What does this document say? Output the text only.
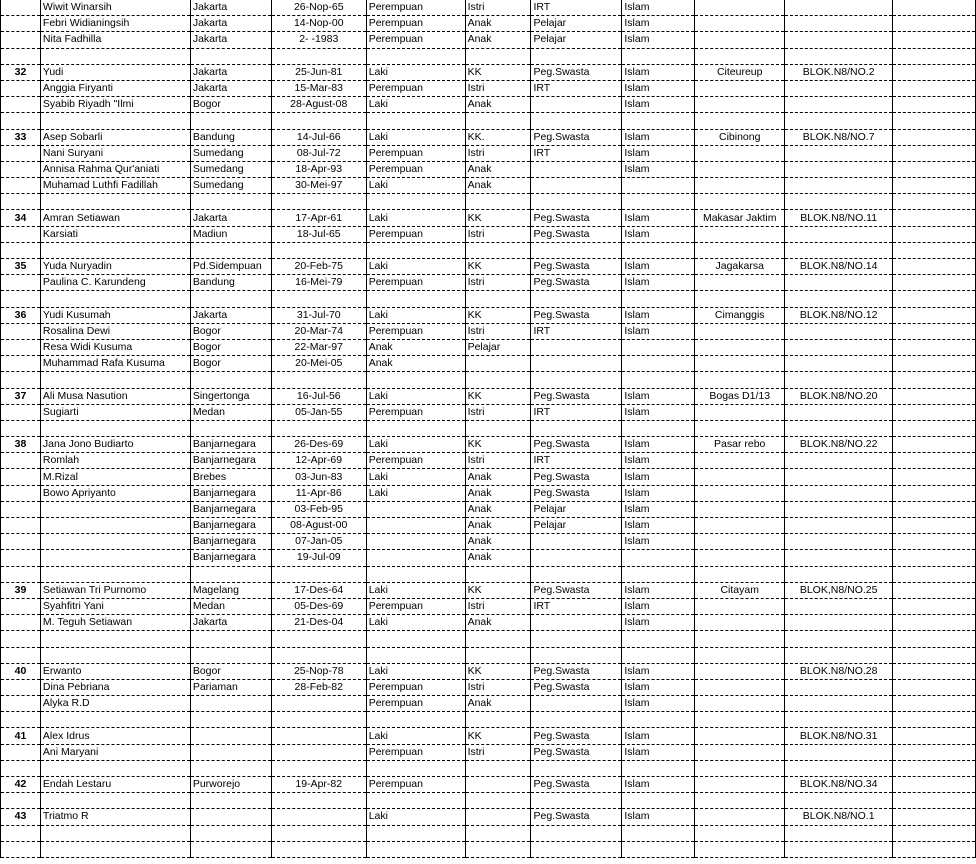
	Wiwit Winarsih	Jakarta	26-Nop-65	Perempuan	Istri	IRT	Islam			
	Febri Widianingsih	Jakarta	14-Nop-00	Perempuan	Anak	Pelajar	Islam			
	Nita Fadhilla	Jakarta	2- -1983	Perempuan	Anak	Pelajar	Islam			

32	Yudi	Jakarta	25-Jun-81	Laki	KK	Peg.Swasta	Islam	Citeureup	BLOK.N8/NO.2	
	Anggia Firyanti	Jakarta	15-Mar-83	Perempuan	Istri	IRT	Islam			
	Syabib Riyadh "Ilmi	Bogor	28-Agust-08	Laki	Anak		Islam			

33	Asep Sobarli	Bandung	14-Jul-66	Laki	KK.	Peg.Swasta	Islam	Cibinong	BLOK.N8/NO.7	
	Nani Suryani	Sumedang	08-Jul-72	Perempuan	Istri	IRT	Islam			
	Annisa Rahma Qur'aniati	Sumedang	18-Apr-93	Perempuan	Anak		Islam			
	Muhamad Luthfi Fadillah	Sumedang	30-Mei-97	Laki	Anak					

34	Amran Setiawan	Jakarta	17-Apr-61	Laki	KK	Peg.Swasta	Islam	Makasar Jaktim	BLOK.N8/NO.11	
	Karsiati	Madiun	18-Jul-65	Perempuan	Istri	Peg.Swasta	Islam			

35	Yuda Nuryadin	Pd.Sidempuan	20-Feb-75	Laki	KK	Peg.Swasta	Islam	Jagakarsa	BLOK.N8/NO.14	
	Paulina C. Karundeng	Bandung	16-Mei-79	Perempuan	Istri	Peg.Swasta	Islam			

36	Yudi Kusumah	Jakarta	31-Jul-70	Laki	KK	Peg.Swasta	Islam	Cimanggis	BLOK.N8/NO.12	
	Rosalina Dewi	Bogor	20-Mar-74	Perempuan	Istri	IRT	Islam			
	Resa Widi Kusuma	Bogor	22-Mar-97	Anak	Pelajar					
	Muhammad Rafa Kusuma	Bogor	20-Mei-05	Anak						

37	Ali Musa Nasution	Singertonga	16-Jul-56	Laki	KK	Peg.Swasta	Islam	Bogas D1/13	BLOK.N8/NO.20	
	Sugiarti	Medan	05-Jan-55	Perempuan	Istri	IRT	Islam			

38	Jana Jono Budiarto	Banjarnegara	26-Des-69	Laki	KK	Peg.Swasta	Islam	Pasar rebo	BLOK.N8/NO.22	
	Romlah	Banjarnegara	12-Apr-69	Perempuan	Istri	IRT	Islam			
	M.Rizal	Brebes	03-Jun-83	Laki	Anak	Peg.Swasta	Islam			
	Bowo Apriyanto	Banjarnegara	11-Apr-86	Laki	Anak	Peg.Swasta	Islam			
		Banjarnegara	03-Feb-95		Anak	Pelajar	Islam			
		Banjarnegara	08-Agust-00		Anak	Pelajar	Islam			
		Banjarnegara	07-Jan-05		Anak		Islam			
		Banjarnegara	19-Jul-09		Anak					

39	Setiawan Tri Purnomo	Magelang	17-Des-64	Laki	KK	Peg.Swasta	Islam	Citayam	BLOK,N8/NO.25	
	Syahfitri Yani	Medan	05-Des-69	Perempuan	Istri	IRT	Islam			
	M. Teguh Setiawan	Jakarta	21-Des-04	Laki	Anak		Islam			

40	Erwanto	Bogor	25-Nop-78	Laki	KK	Peg.Swasta	Islam		BLOK.N8/NO.28	
	Dina Pebriana	Pariaman	28-Feb-82	Perempuan	Istri	Peg.Swasta	Islam			
	Alyka R.D			Perempuan	Anak		Islam			

41	Alex Idrus			Laki	KK	Peg.Swasta	Islam		BLOK.N8/NO.31	
	Ani Maryani			Perempuan	Istri	Peg.Swasta	Islam			

42	Endah Lestaru	Purworejo	19-Apr-82	Perempuan		Peg.Swasta	Islam		BLOK.N8/NO.34	

43	Triatmo R			Laki		Peg.Swasta	Islam		BLOK.N8/NO.1	
